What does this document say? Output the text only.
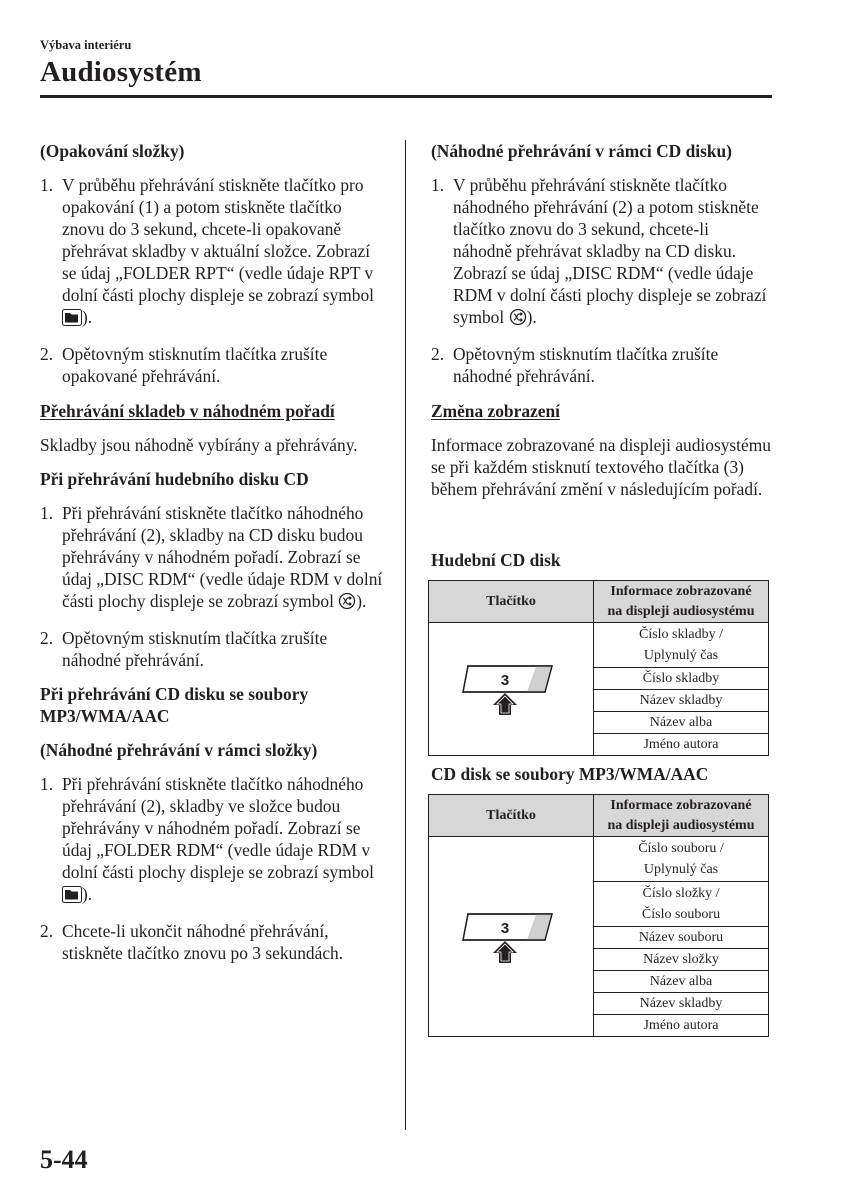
Výbava interiéru
Audiosystém

(Opakování složky)

1. V průběhu přehrávání stiskněte tlačítko pro opakování (1) a potom stiskněte tlačítko znovu do 3 sekund, chcete-li opakovaně přehrávat skladby v aktuální složce. Zobrazí se údaj „FOLDER RPT“ (vedle údaje RPT v dolní části plochy displeje se zobrazí symbol ).
2. Opětovným stisknutím tlačítka zrušíte opakované přehrávání.

Přehrávání skladeb v náhodném pořadí

Skladby jsou náhodně vybírány a přehrávány.

Při přehrávání hudebního disku CD

1. Při přehrávání stiskněte tlačítko náhodného přehrávání (2), skladby na CD disku budou přehrávány v náhodném pořadí. Zobrazí se údaj „DISC RDM“ (vedle údaje RDM v dolní části plochy displeje se zobrazí symbol ).
2. Opětovným stisknutím tlačítka zrušíte náhodné přehrávání.

Při přehrávání CD disku se soubory MP3/WMA/AAC

(Náhodné přehrávání v rámci složky)

1. Při přehrávání stiskněte tlačítko náhodného přehrávání (2), skladby ve složce budou přehrávány v náhodném pořadí. Zobrazí se údaj „FOLDER RDM“ (vedle údaje RDM v dolní části plochy displeje se zobrazí symbol ).
2. Chcete-li ukončit náhodné přehrávání, stiskněte tlačítko znovu po 3 sekundách.

(Náhodné přehrávání v rámci CD disku)

1. V průběhu přehrávání stiskněte tlačítko náhodného přehrávání (2) a potom stiskněte tlačítko znovu do 3 sekund, chcete-li náhodně přehrávat skladby na CD disku. Zobrazí se údaj „DISC RDM“ (vedle údaje RDM v dolní části plochy displeje se zobrazí symbol ).
2. Opětovným stisknutím tlačítka zrušíte náhodné přehrávání.

Změna zobrazení

Informace zobrazované na displeji audiosystému se při každém stisknutí textového tlačítka (3) během přehrávání změní v následujícím pořadí.

Hudební CD disk
Tlačítko	Informace zobrazované
na displeji audiosystému

3	Číslo skladby /
Uplynulý čas
	Číslo skladby
	Název skladby
	Název alba
	Jméno autora
CD disk se soubory MP3/WMA/AAC
Tlačítko	Informace zobrazované
na displeji audiosystému

3	Číslo souboru /
Uplynulý čas
	Číslo složky /
Číslo souboru
	Název souboru
	Název složky
	Název alba
	Název skladby
	Jméno autora
5-44
